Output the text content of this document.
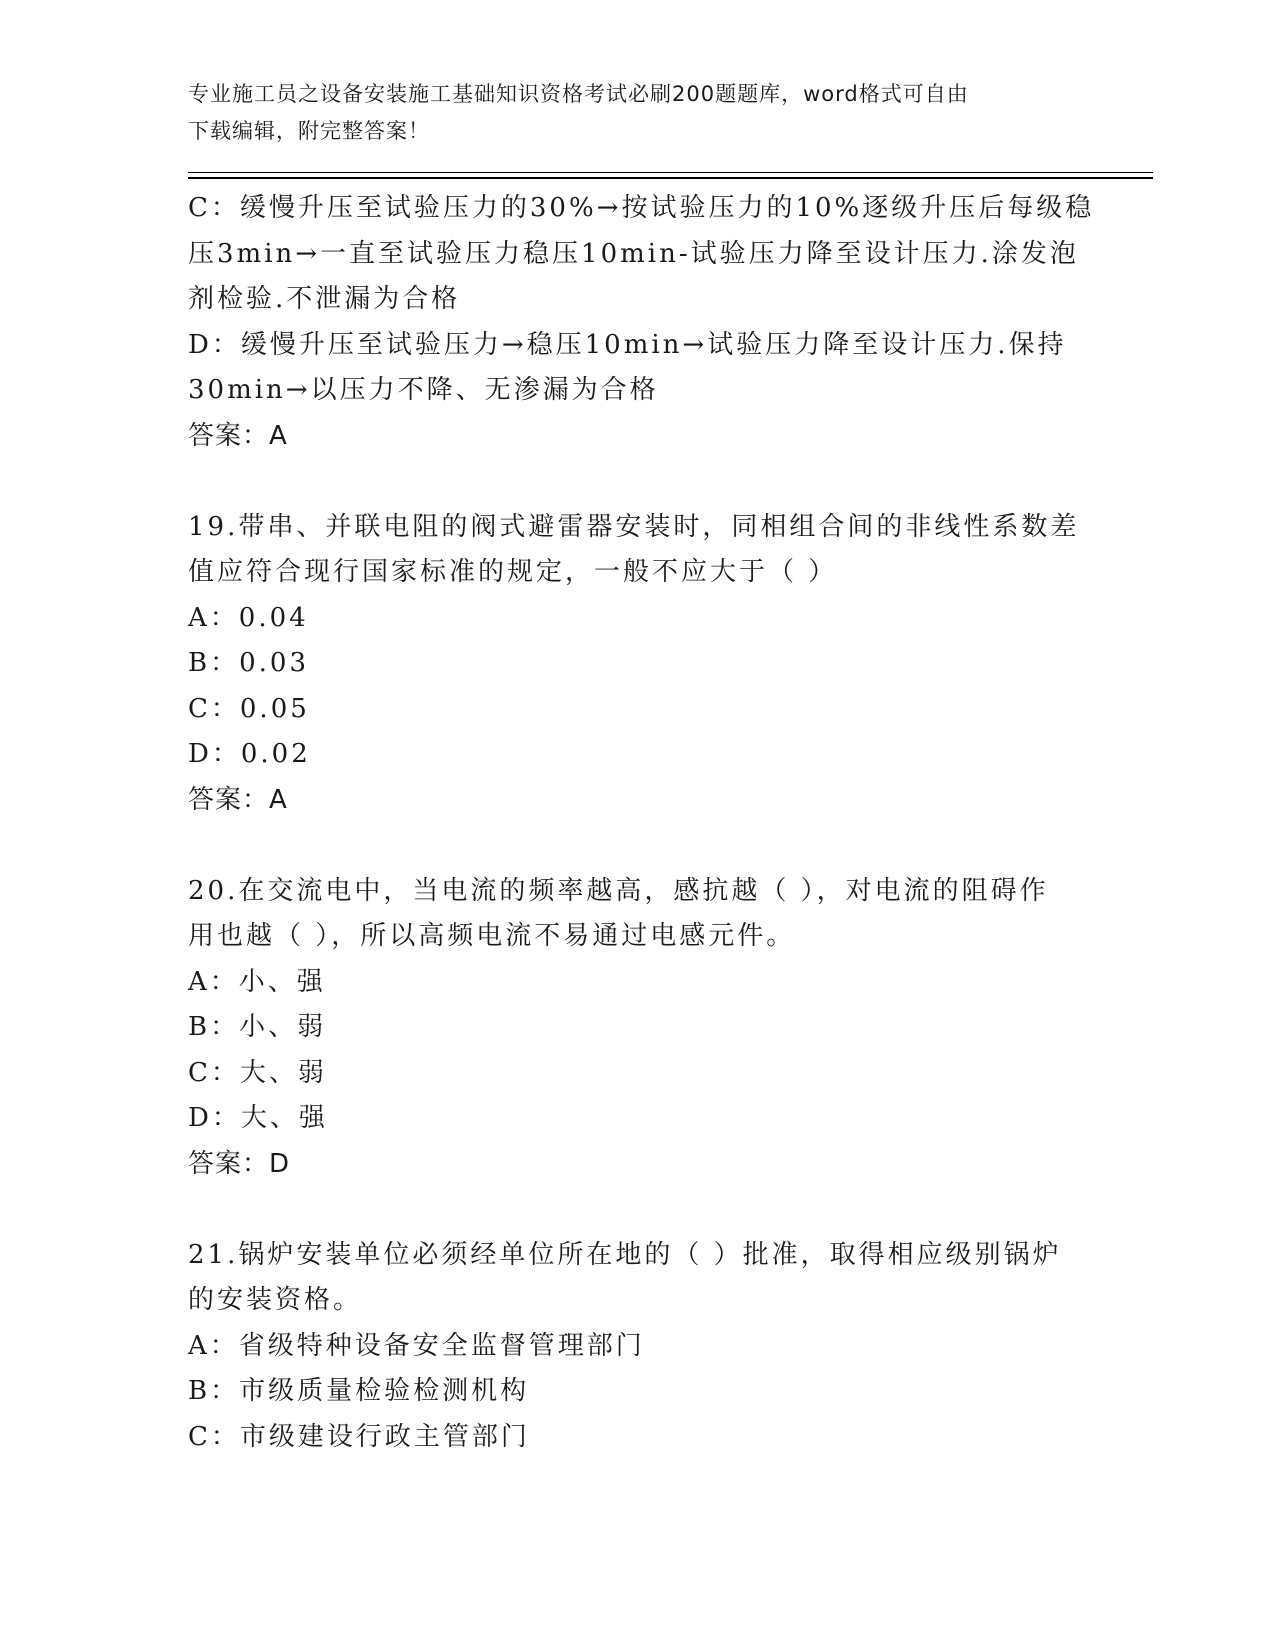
专业施工员之设备安装施工基础知识资格考试必刷200题题库，word格式可自由
下载编辑，附完整答案！
C：缓慢升压至试验压力的30%→按试验压力的10%逐级升压后每级稳
压3min→一直至试验压力稳压10min-试验压力降至设计压力.涂发泡
剂检验.不泄漏为合格
D：缓慢升压至试验压力→稳压10min→试验压力降至设计压力.保持
30min→以压力不降、无渗漏为合格
答案：A
19.带串、并联电阻的阀式避雷器安装时，同相组合间的非线性系数差
值应符合现行国家标准的规定，一般不应大于（ ）
A：0.04
B：0.03
C：0.05
D：0.02
答案：A
20.在交流电中，当电流的频率越高，感抗越（ ），对电流的阻碍作
用也越（ ），所以高频电流不易通过电感元件。
A：小、强
B：小、弱
C：大、弱
D：大、强
答案：D
21.锅炉安装单位必须经单位所在地的（ ）批准，取得相应级别锅炉
的安装资格。
A：省级特种设备安全监督管理部门
B：市级质量检验检测机构
C：市级建设行政主管部门
